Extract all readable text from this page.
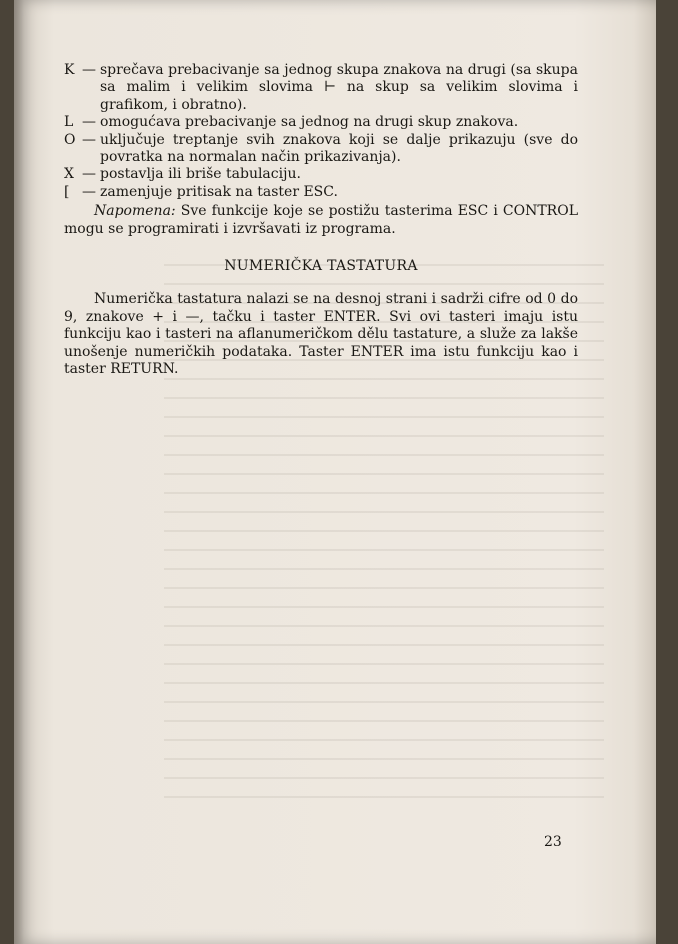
K — sprečava prebacivanje sa jednog skupa znakova na drugi (sa skupa sa malim i velikim slovima ⊢ na skup sa velikim slovima i grafikom, i obratno).
L — omogućava prebacivanje sa jednog na drugi skup znakova.
O — uključuje treptanje svih znakova koji se dalje prikazuju (sve do povratka na normalan način prikazivanja).
X — postavlja ili briše tabulaciju.
[ — zamenjuje pritisak na taster ESC.

Napomena: Sve funkcije koje se postižu tasterima ESC i CONTROL mogu se programirati i izvršavati iz programa.

NUMERIČKA TASTATURA

Numerička tastatura nalazi se na desnoj strani i sadrži cifre od 0 do 9, znakove + i —, tačku i taster ENTER. Svi ovi tasteri imaju istu funkciju kao i tasteri na aflanumeričkom dělu tastature, a služe za lakše unošenje numeričkih podataka. Taster ENTER ima istu funkciju kao i taster RETURN.

23
